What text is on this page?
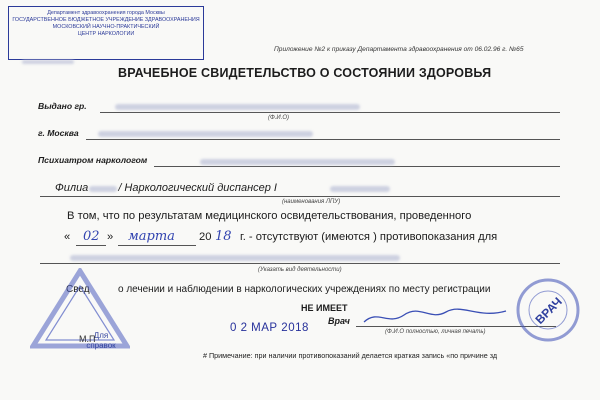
Департамент здравоохранения города Москвы
ГОСУДАРСТВЕННОЕ БЮДЖЕТНОЕ УЧРЕЖДЕНИЕ ЗДРАВООХРАНЕНИЯ
МОСКОВСКИЙ НАУЧНО-ПРАКТИЧЕСКИЙ
ЦЕНТР НАРКОЛОГИИ
Приложение №2 к приказу Департамента здравоохранения от 06.02.96 г. №65
ВРАЧЕБНОЕ СВИДЕТЕЛЬСТВО О СОСТОЯНИИ ЗДОРОВЬЯ
Выдано гр.
(Ф.И.О)
г. Москва
Психиатром наркологом
Филиа	/ Наркологический диспансер I
(наименования ЛПУ)
В том, что по результатам медицинского освидетельствования, проведенного
« 02 » марта 20 18 г. - отсутствуют (имеются ) противопоказания для
(Указать вид деятельности)
Свед	о лечении и наблюдении в наркологических учреждениях по месту регистрации
НЕ ИМЕЕТ
Для
справок
М.П
0 2 МАР 2018
Врач
(Ф.И.О полностью, личная печать)
ВРАЧ
# Примечание: при наличии противопоказаний делается краткая запись «по причине зд
